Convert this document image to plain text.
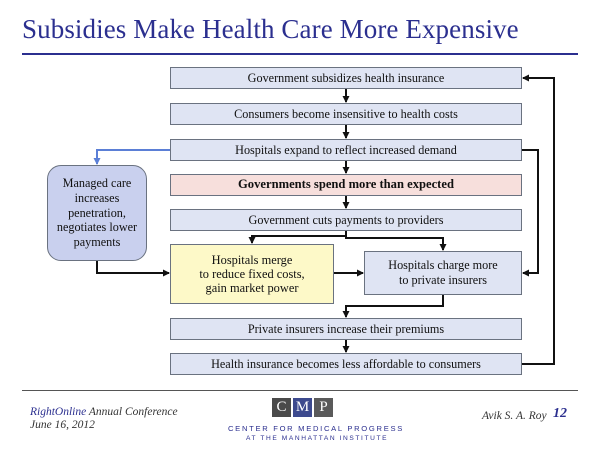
Subsidies Make Health Care More Expensive
Government subsidizes health insurance
Consumers become insensitive to health costs
Hospitals expand to reflect increased demand
Governments spend more than expected
Government cuts payments to providers
Hospitals merge
to reduce fixed costs,
gain market power
Hospitals charge more
to private insurers
Private insurers increase their premiums
Health insurance becomes less affordable to consumers
Managed care
increases
penetration,
negotiates lower
payments
RightOnline Annual Conference
June 16, 2012
C M P
CENTER FOR MEDICAL PROGRESS
AT THE MANHATTAN INSTITUTE
Avik S. A. Roy 12
